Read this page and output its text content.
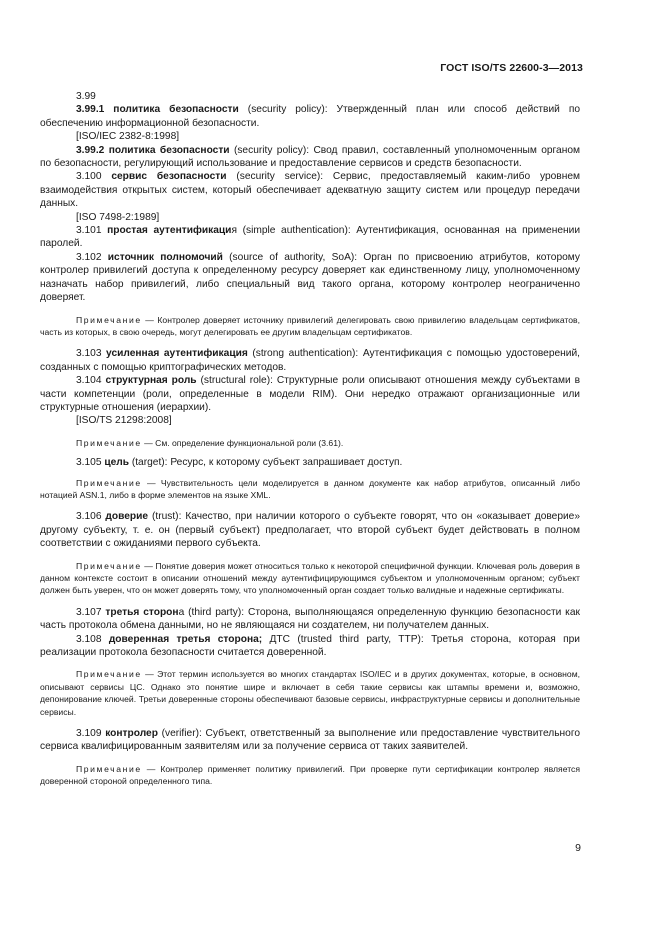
ГОСТ ISO/TS 22600-3—2013

3.99

3.99.1 политика безопасности (security policy): Утвержденный план или способ действий по обеспечению информационной безопасности.

[ISO/IEC 2382-8:1998]

3.99.2 политика безопасности (security policy): Свод правил, составленный уполномоченным органом по безопасности, регулирующий использование и предоставление сервисов и средств безопасности.

3.100 сервис безопасности (security service): Сервис, предоставляемый каким-либо уровнем взаимодействия открытых систем, который обеспечивает адекватную защиту систем или процедур передачи данных.

[ISO 7498-2:1989]

3.101 простая аутентификация (simple authentication): Аутентификация, основанная на применении паролей.

3.102 источник полномочий (source of authority, SoA): Орган по присвоению атрибутов, которому контролер привилегий доступа к определенному ресурсу доверяет как единственному лицу, уполномоченному назначать набор привилегий, либо специальный вид такого органа, которому контролер неограниченно доверяет.

Примечание — Контролер доверяет источнику привилегий делегировать свою привилегию владельцам сертификатов, часть из которых, в свою очередь, могут делегировать ее другим владельцам сертификатов.

3.103 усиленная аутентификация (strong authentication): Аутентификация с помощью удостоверений, созданных с помощью криптографических методов.

3.104 структурная роль (structural role): Структурные роли описывают отношения между субъектами в части компетенции (роли, определенные в модели RIM). Они нередко отражают организационные или структурные отношения (иерархии).

[ISO/TS 21298:2008]

Примечание — См. определение функциональной роли (3.61).

3.105 цель (target): Ресурс, к которому субъект запрашивает доступ.

Примечание — Чувствительность цели моделируется в данном документе как набор атрибутов, описанный либо нотацией ASN.1, либо в форме элементов на языке XML.

3.106 доверие (trust): Качество, при наличии которого о субъекте говорят, что он «оказывает доверие» другому субъекту, т. е. он (первый субъект) предполагает, что второй субъект будет действовать в полном соответствии с ожиданиями первого субъекта.

Примечание — Понятие доверия может относиться только к некоторой специфичной функции. Ключевая роль доверия в данном контексте состоит в описании отношений между аутентифицирующимся субъектом и уполномоченным органом; субъект должен быть уверен, что он может доверять тому, что уполномоченный орган создает только валидные и надежные сертификаты.

3.107 третья сторона (third party): Сторона, выполняющаяся определенную функцию безопасности как часть протокола обмена данными, но не являющаяся ни создателем, ни получателем данных.

3.108 доверенная третья сторона; ДТС (trusted third party, TTP): Третья сторона, которая при реализации протокола безопасности считается доверенной.

Примечание — Этот термин используется во многих стандартах ISO/IEC и в других документах, которые, в основном, описывают сервисы ЦС. Однако это понятие шире и включает в себя такие сервисы как штампы времени и, возможно, депонирование ключей. Третьи доверенные стороны обеспечивают базовые сервисы, инфраструктурные сервисы и дополнительные сервисы.

3.109 контролер (verifier): Субъект, ответственный за выполнение или предоставление чувствительного сервиса квалифицированным заявителям или за получение сервиса от таких заявителей.

Примечание — Контролер применяет политику привилегий. При проверке пути сертификации контролер является доверенной стороной определенного типа.

9
